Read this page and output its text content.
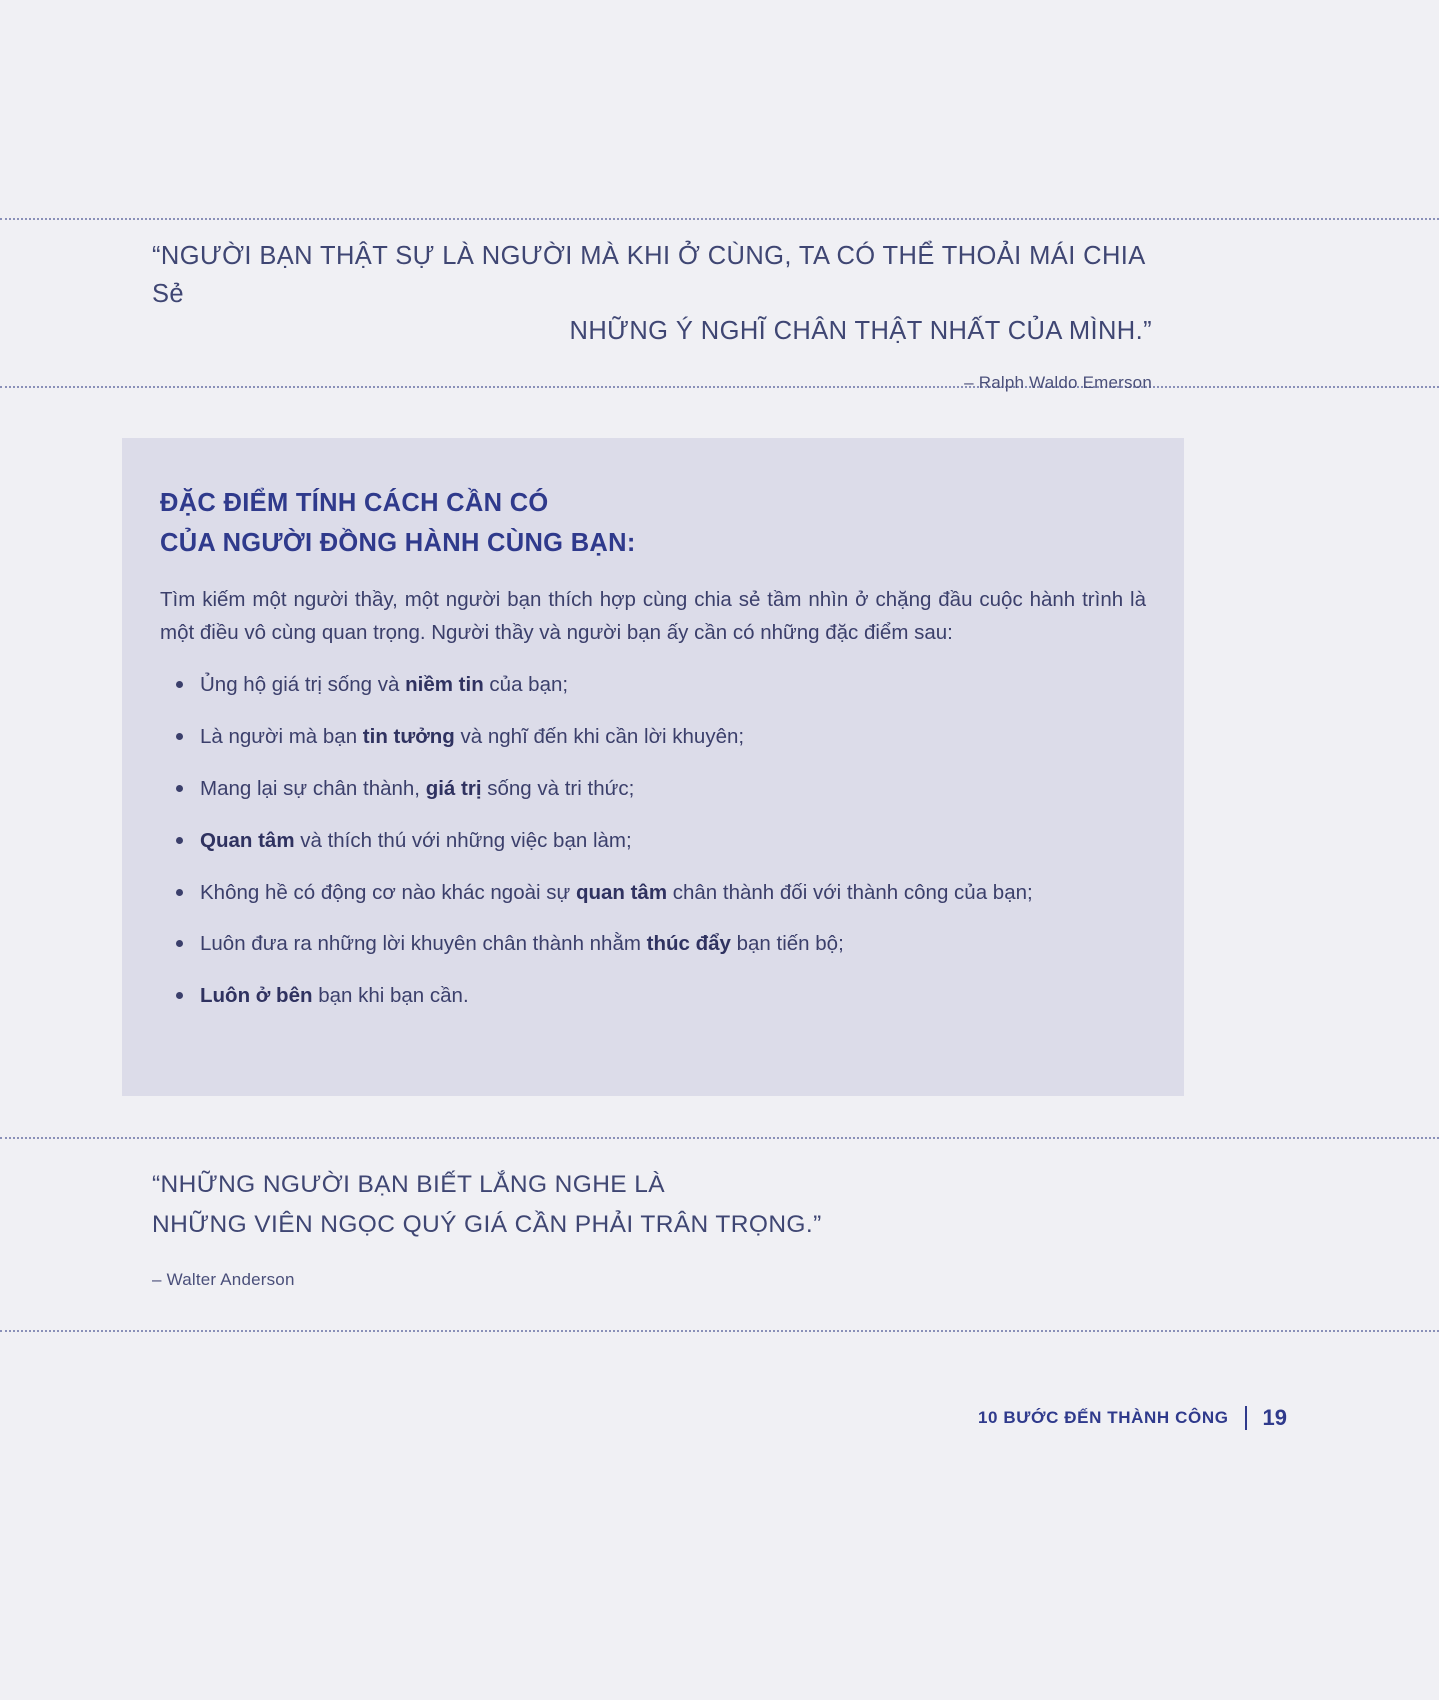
“NGƯỜI BẠN THẬT SỰ LÀ NGƯỜI MÀ KHI Ở CÙNG, TA CÓ THỂ THOẢI MÁI CHIA Sẻ
NHỮNG Ý NGHĨ CHÂN THẬT NHẤT CỦA MÌNH.”
– Ralph Waldo Emerson
ĐẶC ĐIỂM TÍNH CÁCH CẦN CÓ
CỦA NGƯỜI ĐỒNG HÀNH CÙNG BẠN:

Tìm kiếm một người thầy, một người bạn thích hợp cùng chia sẻ tầm nhìn ở chặng đầu cuộc hành trình là một điều vô cùng quan trọng. Người thầy và người bạn ấy cần có những đặc điểm sau:

Ủng hộ giá trị sống và niềm tin của bạn;
Là người mà bạn tin tưởng và nghĩ đến khi cần lời khuyên;
Mang lại sự chân thành, giá trị sống và tri thức;
Quan tâm và thích thú với những việc bạn làm;
Không hề có động cơ nào khác ngoài sự quan tâm chân thành đối với thành công của bạn;
Luôn đưa ra những lời khuyên chân thành nhằm thúc đẩy bạn tiến bộ;
Luôn ở bên bạn khi bạn cần.
“NHỮNG NGƯỜI BẠN BIẾT LẮNG NGHE LÀ
NHỮNG VIÊN NGỌC QUÝ GIÁ CẦN PHẢI TRÂN TRỌNG.”
– Walter Anderson
10 BƯỚC ĐẾN THÀNH CÔNG 19
